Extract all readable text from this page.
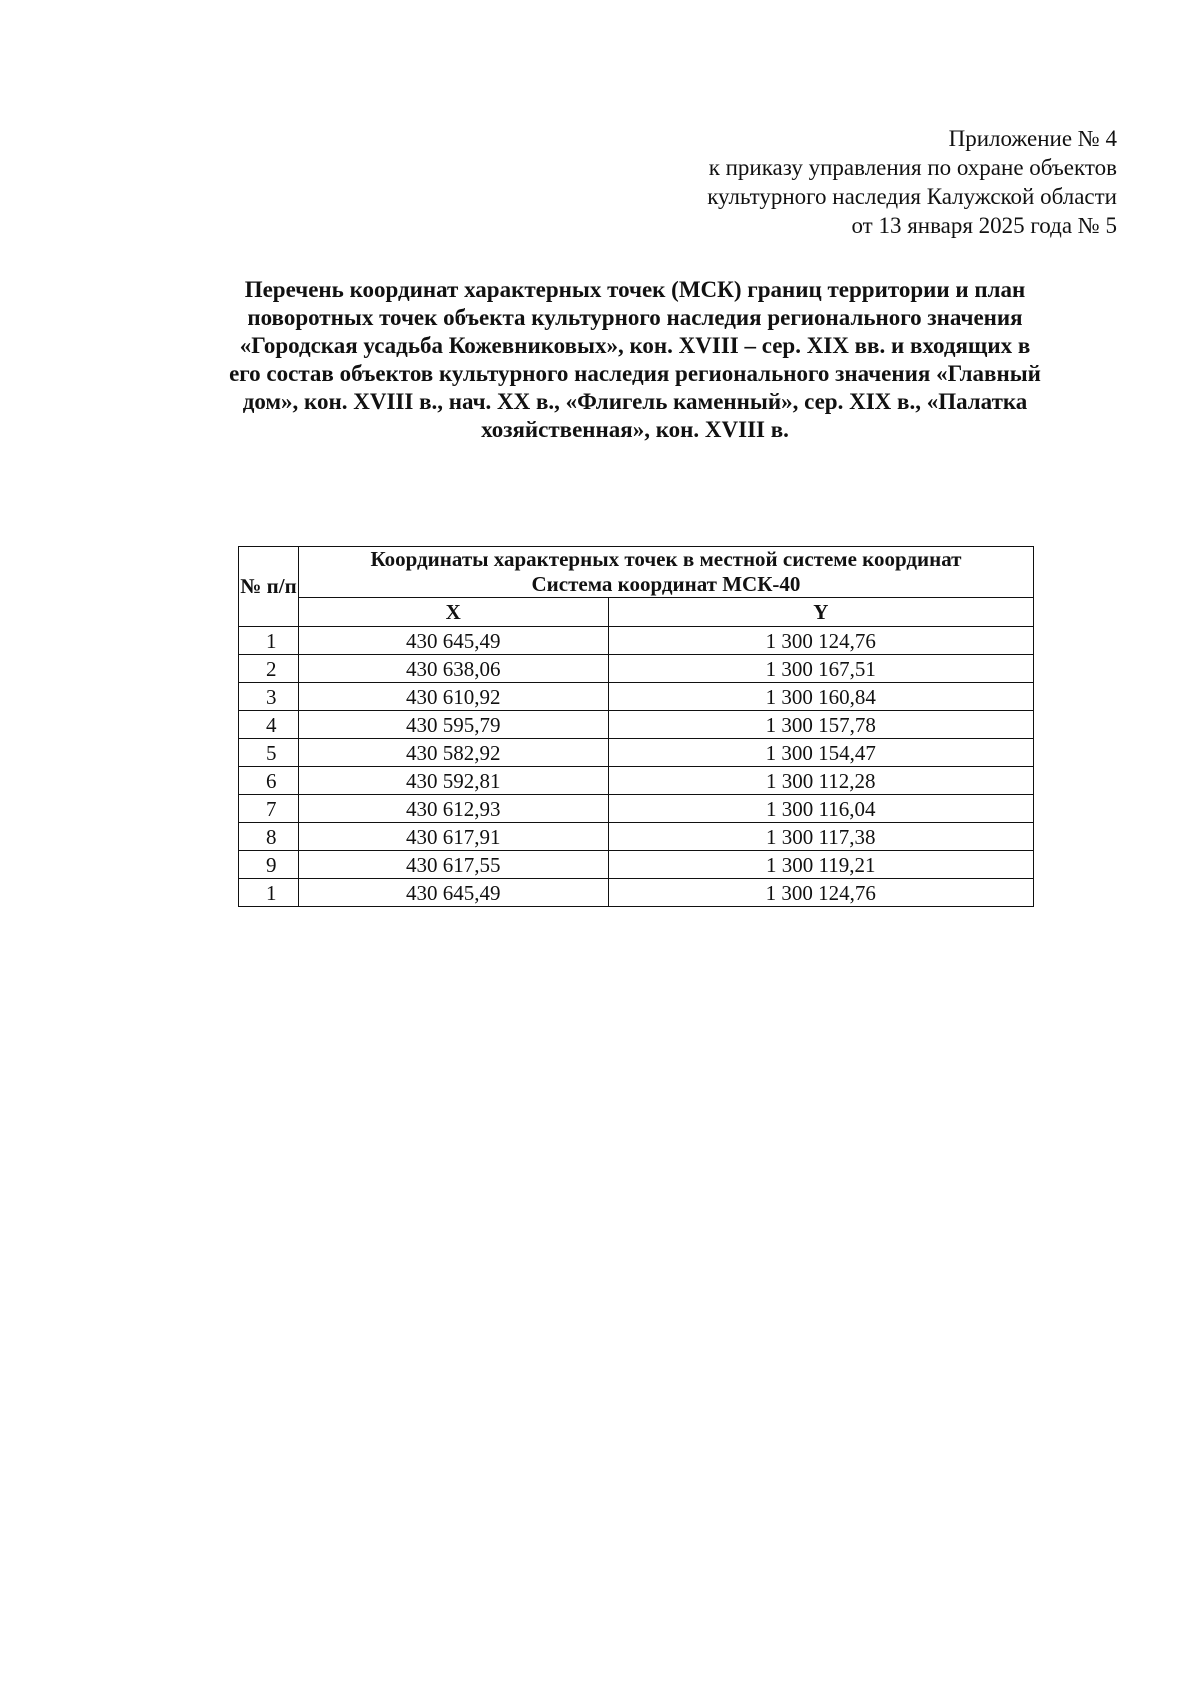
Приложение № 4
к приказу управления по охране объектов
культурного наследия Калужской области
от 13 января 2025 года № 5
Перечень координат характерных точек (МСК) границ территории и план
поворотных точек объекта культурного наследия регионального значения
«Городская усадьба Кожевниковых», кон. XVIII – сер. XIX вв. и входящих в
его состав объектов культурного наследия регионального значения «Главный
дом», кон. XVIII в., нач. XX в., «Флигель каменный», сер. XIX в., «Палатка
хозяйственная», кон. XVIII в.
№ п/п	Координаты характерных точек в местной системе координат
Система координат МСК-40	

	X	Y
1	430 645,49	1 300 124,76
2	430 638,06	1 300 167,51
3	430 610,92	1 300 160,84
4	430 595,79	1 300 157,78
5	430 582,92	1 300 154,47
6	430 592,81	1 300 112,28
7	430 612,93	1 300 116,04
8	430 617,91	1 300 117,38
9	430 617,55	1 300 119,21
1	430 645,49	1 300 124,76
